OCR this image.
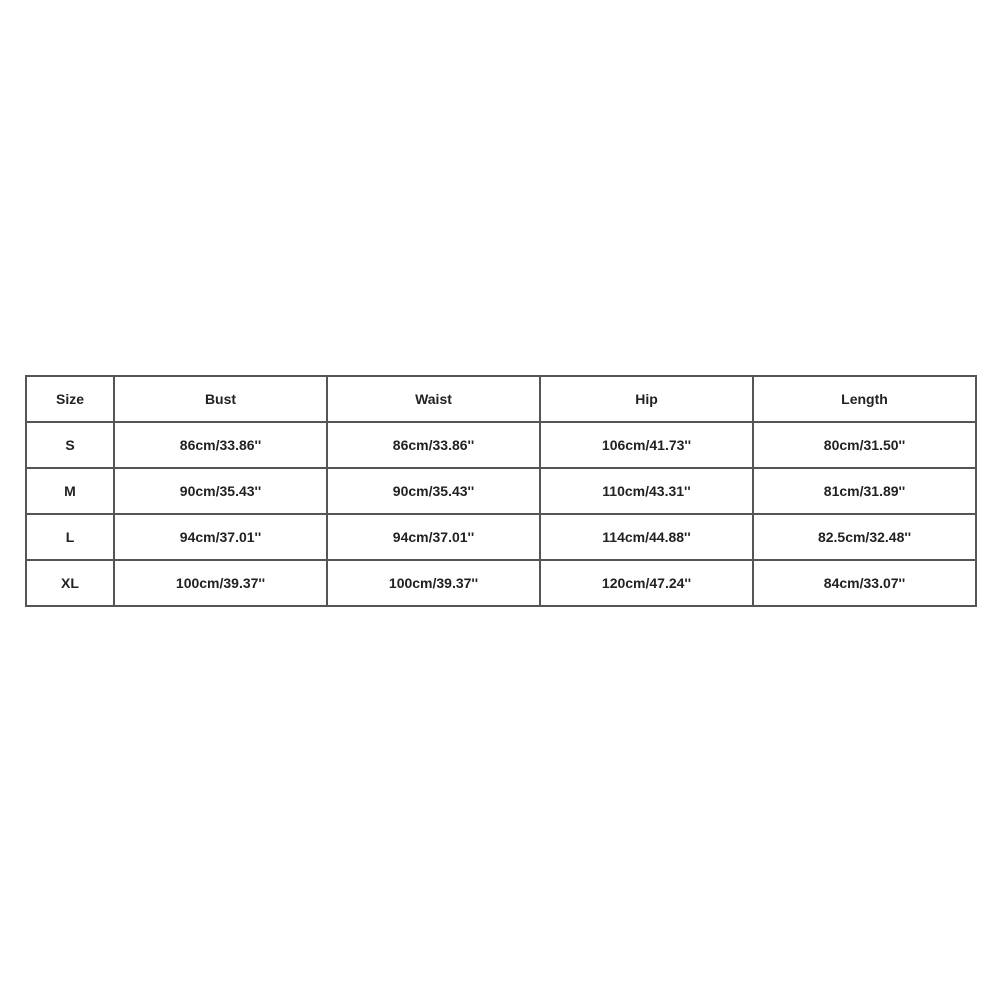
Size	Bust	Waist	Hip	Length
S	86cm/33.86''	86cm/33.86''	106cm/41.73''	80cm/31.50''
M	90cm/35.43''	90cm/35.43''	110cm/43.31''	81cm/31.89''
L	94cm/37.01''	94cm/37.01''	114cm/44.88''	82.5cm/32.48''
XL	100cm/39.37''	100cm/39.37''	120cm/47.24''	84cm/33.07''
